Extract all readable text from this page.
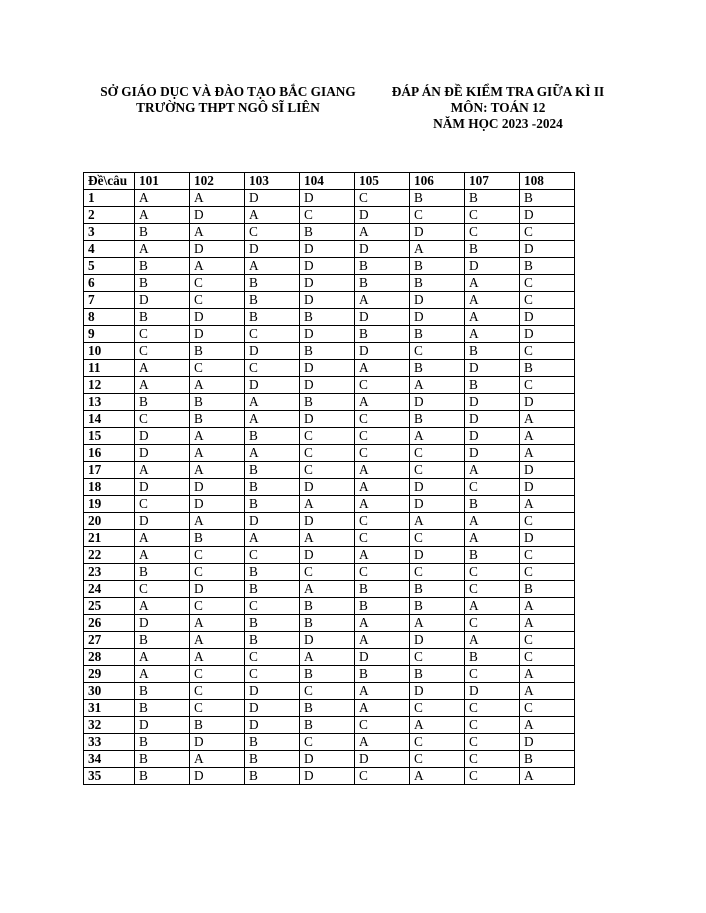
SỞ GIÁO DỤC VÀ ĐÀO TẠO BẮC GIANG
TRƯỜNG THPT NGÔ SĨ LIÊN
ĐÁP ÁN ĐỀ KIỂM TRA GIỮA KÌ II
MÔN: TOÁN 12
NĂM HỌC 2023 -2024
Đề\câu	101	102	103	104	105	106	107	108
1	A	A	D	D	C	B	B	B
2	A	D	A	C	D	C	C	D
3	B	A	C	B	A	D	C	C
4	A	D	D	D	D	A	B	D
5	B	A	A	D	B	B	D	B
6	B	C	B	D	B	B	A	C
7	D	C	B	D	A	D	A	C
8	B	D	B	B	D	D	A	D
9	C	D	C	D	B	B	A	D
10	C	B	D	B	D	C	B	C
11	A	C	C	D	A	B	D	B
12	A	A	D	D	C	A	B	C
13	B	B	A	B	A	D	D	D
14	C	B	A	D	C	B	D	A
15	D	A	B	C	C	A	D	A
16	D	A	A	C	C	C	D	A
17	A	A	B	C	A	C	A	D
18	D	D	B	D	A	D	C	D
19	C	D	B	A	A	D	B	A
20	D	A	D	D	C	A	A	C
21	A	B	A	A	C	C	A	D
22	A	C	C	D	A	D	B	C
23	B	C	B	C	C	C	C	C
24	C	D	B	A	B	B	C	B
25	A	C	C	B	B	B	A	A
26	D	A	B	B	A	A	C	A
27	B	A	B	D	A	D	A	C
28	A	A	C	A	D	C	B	C
29	A	C	C	B	B	B	C	A
30	B	C	D	C	A	D	D	A
31	B	C	D	B	A	C	C	C
32	D	B	D	B	C	A	C	A
33	B	D	B	C	A	C	C	D
34	B	A	B	D	D	C	C	B
35	B	D	B	D	C	A	C	A
